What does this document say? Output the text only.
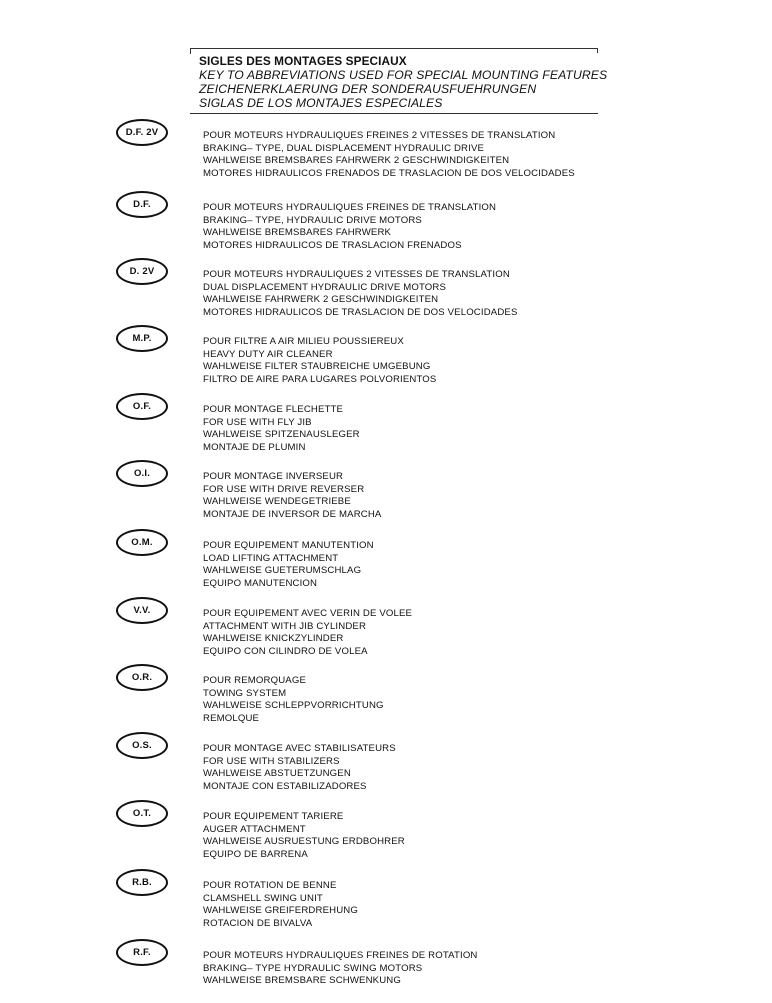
SIGLES DES MONTAGES SPECIAUX
KEY TO ABBREVIATIONS USED FOR SPECIAL MOUNTING FEATURES
ZEICHENERKLAERUNG DER SONDERAUSFUEHRUNGEN
SIGLAS DE LOS MONTAJES ESPECIALES
D.F. 2V	POUR MOTEURS HYDRAULIQUES FREINES 2 VITESSES DE TRANSLATION
BRAKING– TYPE, DUAL DISPLACEMENT HYDRAULIC DRIVE
WAHLWEISE BREMSBARES FAHRWERK 2 GESCHWINDIGKEITEN
MOTORES HIDRAULICOS FRENADOS DE TRASLACION DE DOS VELOCIDADES
D.F.	POUR MOTEURS HYDRAULIQUES FREINES DE TRANSLATION
BRAKING– TYPE, HYDRAULIC DRIVE MOTORS
WAHLWEISE BREMSBARES FAHRWERK
MOTORES HIDRAULICOS DE TRASLACION FRENADOS
D. 2V	POUR MOTEURS HYDRAULIQUES 2 VITESSES DE TRANSLATION
DUAL DISPLACEMENT HYDRAULIC DRIVE MOTORS
WAHLWEISE FAHRWERK 2 GESCHWINDIGKEITEN
MOTORES HIDRAULICOS DE TRASLACION DE DOS VELOCIDADES
M.P.	POUR FILTRE A AIR MILIEU POUSSIEREUX
HEAVY DUTY AIR CLEANER
WAHLWEISE FILTER STAUBREICHE UMGEBUNG
FILTRO DE AIRE PARA LUGARES POLVORIENTOS
O.F.	POUR MONTAGE FLECHETTE
FOR USE WITH FLY JIB
WAHLWEISE SPITZENAUSLEGER
MONTAJE DE PLUMIN
O.I.	POUR MONTAGE INVERSEUR
FOR USE WITH DRIVE REVERSER
WAHLWEISE WENDEGETRIEBE
MONTAJE DE INVERSOR DE MARCHA
O.M.	POUR EQUIPEMENT MANUTENTION
LOAD LIFTING ATTACHMENT
WAHLWEISE GUETERUMSCHLAG
EQUIPO MANUTENCION
V.V.	POUR EQUIPEMENT AVEC VERIN DE VOLEE
ATTACHMENT WITH JIB CYLINDER
WAHLWEISE KNICKZYLINDER
EQUIPO CON CILINDRO DE VOLEA
O.R.	POUR REMORQUAGE
TOWING SYSTEM
WAHLWEISE SCHLEPPVORRICHTUNG
REMOLQUE
O.S.	POUR MONTAGE AVEC STABILISATEURS
FOR USE WITH STABILIZERS
WAHLWEISE ABSTUETZUNGEN
MONTAJE CON ESTABILIZADORES
O.T.	POUR EQUIPEMENT TARIERE
AUGER ATTACHMENT
WAHLWEISE AUSRUESTUNG ERDBOHRER
EQUIPO DE BARRENA
R.B.	POUR ROTATION DE BENNE
CLAMSHELL SWING UNIT
WAHLWEISE GREIFERDREHUNG
ROTACION DE BIVALVA
R.F.	POUR MOTEURS HYDRAULIQUES FREINES DE ROTATION
BRAKING– TYPE HYDRAULIC SWING MOTORS
WAHLWEISE BREMSBARE SCHWENKUNG
